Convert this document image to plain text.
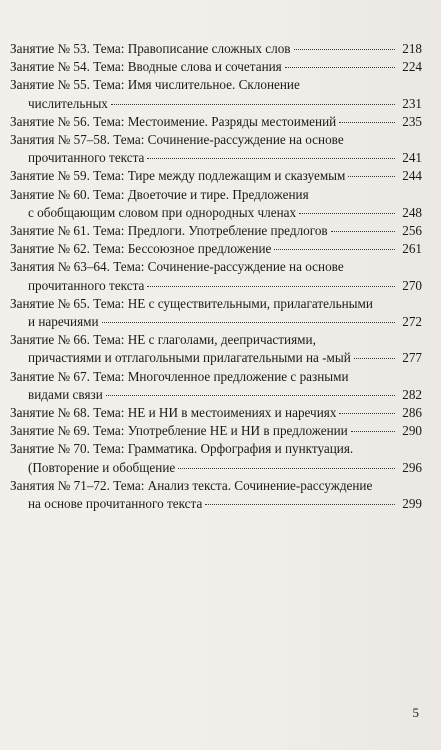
Занятие № 53. Тема: Правописание сложных слов	218
Занятие № 54. Тема: Вводные слова и сочетания	224
Занятие № 55. Тема: Имя числительное. Склонение
числительных	231
Занятие № 56. Тема: Местоимение. Разряды местоимений	235
Занятия № 57–58. Тема: Сочинение-рассуждение на основе
прочитанного текста	241
Занятие № 59. Тема: Тире между подлежащим и сказуемым	244
Занятие № 60. Тема: Двоеточие и тире. Предложения
с обобщающим словом при однородных членах	248
Занятие № 61. Тема: Предлоги. Употребление предлогов	256
Занятие № 62. Тема: Бессоюзное предложение	261
Занятия № 63–64. Тема: Сочинение-рассуждение на основе
прочитанного текста	270
Занятие № 65. Тема: НЕ с существительными, прилагательными
и наречиями	272
Занятие № 66. Тема: НЕ с глаголами, деепричастиями,
причастиями и отглагольными прилагательными на -мый	277
Занятие № 67. Тема: Многочленное предложение с разными
видами связи	282
Занятие № 68. Тема: НЕ и НИ в местоимениях и наречиях	286
Занятие № 69. Тема: Употребление НЕ и НИ в предложении	290
Занятие № 70. Тема: Грамматика. Орфография и пунктуация.
(Повторение и обобщение	296
Занятия № 71–72. Тема: Анализ текста. Сочинение-рассуждение
на основе прочитанного текста	299

5
